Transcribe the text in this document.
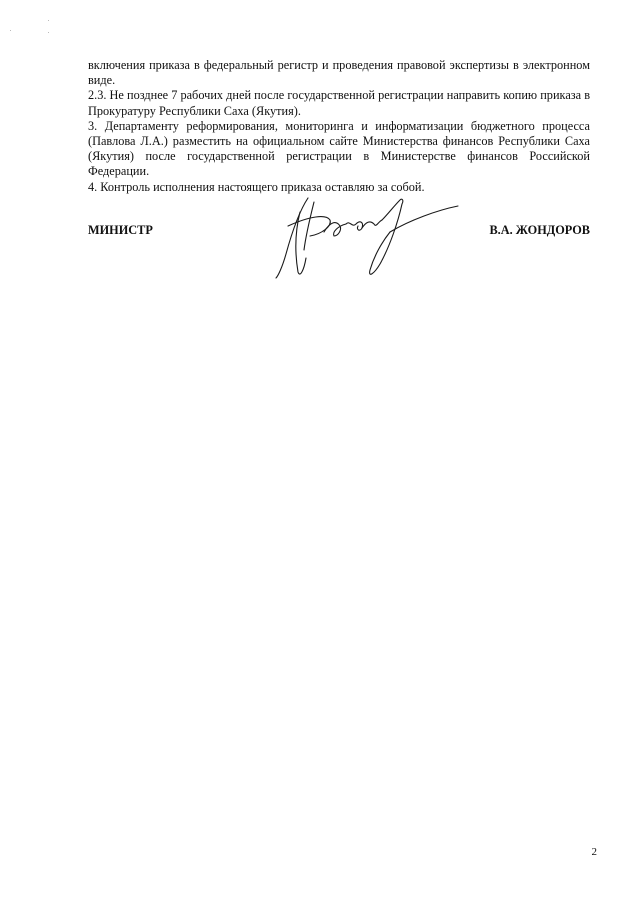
включения приказа в федеральный регистр и проведения правовой экспертизы в электронном виде.

2.3. Не позднее 7 рабочих дней после государственной регистрации направить копию приказа в Прокуратуру Республики Саха (Якутия).

3. Департаменту реформирования, мониторинга и информатизации бюджетного процесса (Павлова Л.А.) разместить на официальном сайте Министерства финансов Республики Саха (Якутия) после государственной регистрации в Министерстве финансов Российской Федерации.

4. Контроль исполнения настоящего приказа оставляю за собой.

МИНИСТР	В.А. ЖОНДОРОВ
2
